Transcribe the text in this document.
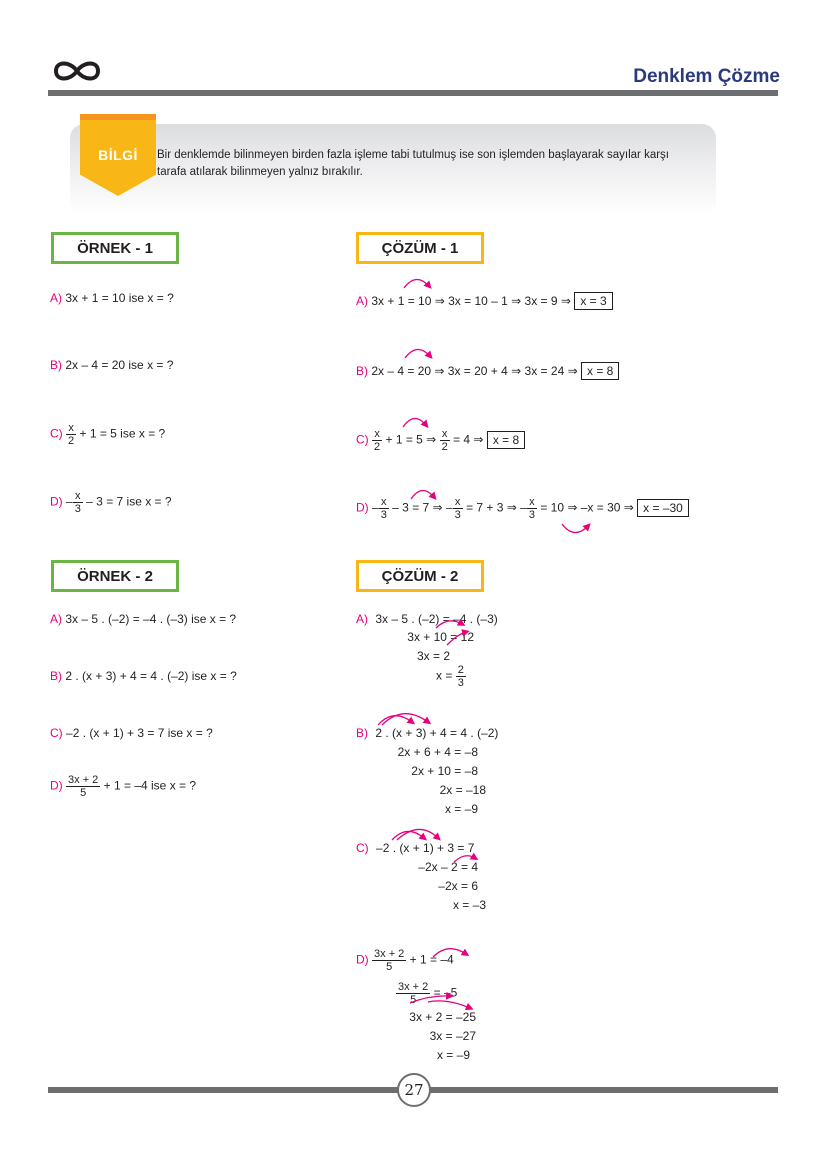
Denklem Çözme
BİLGİ	Bir denklemde bilinmeyen birden fazla işleme tabi tutulmuş ise son işlemden başlayarak sayılar karşı tarafa atılarak bilinmeyen yalnız bırakılır.
ÖRNEK - 1
A) 3x + 1 = 10 ise x = ?
B) 2x – 4 = 20 ise x = ?
$C) \frac{x}{2} + 1 = 5$ ise x = ?
$D) - \frac{x}{3} - 3 = 7$ ise x = ?
ÇÖZÜM - 1
A) 3x + 1 = 10 ⇒ 3x = 10 – 1 ⇒ 3x = 9 ⇒ x = 3
B) 2x – 4 = 20 ⇒ 3x = 20 + 4 ⇒ 3x = 24 ⇒ x = 8
$C) \frac{x}{2} + 1 = 5$ ⇒ $\frac{x}{2} = 4$ ⇒ x = 8
$D) - \frac{x}{3} - 3 = 7$ ⇒ – $\frac{x}{3} = 7 + 3$ ⇒ – $\frac{x}{3} = 10$ ⇒ –x = 30 ⇒ x = –30
ÖRNEK - 2
A) 3x – 5 . (–2) = –4 . (–3) ise x = ?
B) 2 . (x + 3) + 4 = 4 . (–2) ise x = ?
C) –2 . (x + 1) + 3 = 7 ise x = ?
$D) \frac{3x + 2}{5} + 1 = -4$ ise x = ?
ÇÖZÜM - 2
A) 3x – 5 . (–2) = –4 . (–3)
3x + 10 = 12
3x = 2
$x = \frac{2}{3}$
B) 2 . (x + 3) + 4 = 4 . (–2)
2x + 6 + 4 = –8
2x + 10 = –8
2x = –18
x = –9
C) –2 . (x + 1) + 3 = 7
–2x – 2 = 4
–2x = 6
x = –3
$D) \frac{3x + 2}{5} + 1 = -4$
$\frac{3x + 2}{5} = -5$
3x + 2 = –25
3x = –27
x = –9
27
